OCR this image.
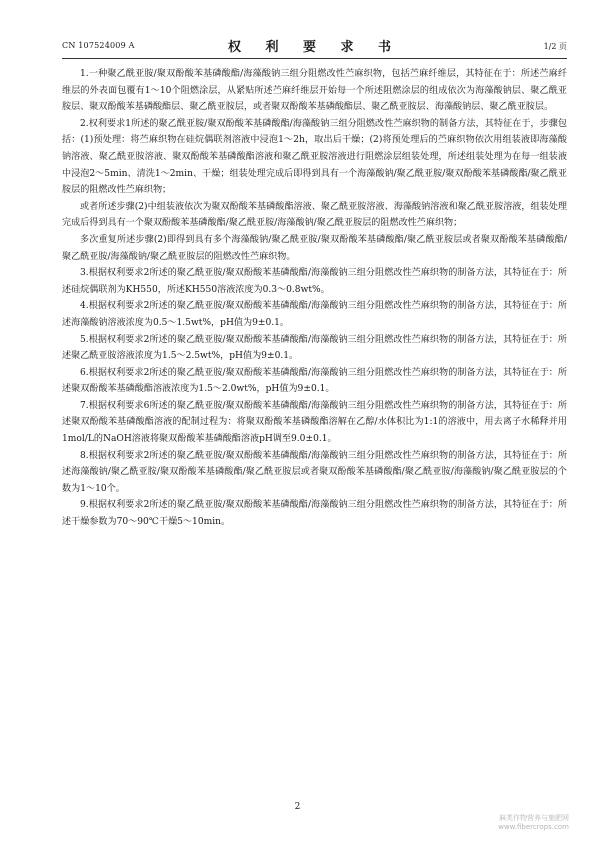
CN 107524009 A	权 利 要 求 书	1/2 页

1.一种聚乙酰亚胺/聚双酚酸苯基磷酸酯/海藻酸钠三组分阻燃改性苎麻织物，包括苎麻纤维层，其特征在于：所述苎麻纤维层的外表面包覆有1～10个阻燃涂层，从紧贴所述苎麻纤维层开始每一个所述阻燃涂层的组成依次为海藻酸钠层、聚乙酰亚胺层、聚双酚酸苯基磷酸酯层、聚乙酰亚胺层，或者聚双酚酸苯基磷酸酯层、聚乙酰亚胺层、海藻酸钠层、聚乙酰亚胺层。

2.权利要求1所述的聚乙酰亚胺/聚双酚酸苯基磷酸酯/海藻酸钠三组分阻燃改性苎麻织物的制备方法，其特征在于，步骤包括：(1)预处理：将苎麻织物在硅烷偶联剂溶液中浸泡1～2h，取出后干燥；(2)将预处理后的苎麻织物依次用组装液即海藻酸钠溶液、聚乙酰亚胺溶液、聚双酚酸苯基磷酸酯溶液和聚乙酰亚胺溶液进行阻燃涂层组装处理，所述组装处理为在每一组装液中浸泡2～5min、清洗1～2min、干燥；组装处理完成后即得到具有一个海藻酸钠/聚乙酰亚胺/聚双酚酸苯基磷酸酯/聚乙酰亚胺层的阻燃改性苎麻织物；

或者所述步骤(2)中组装液依次为聚双酚酸苯基磷酸酯溶液、聚乙酰亚胺溶液、海藻酸钠溶液和聚乙酰亚胺溶液，组装处理完成后得到具有一个聚双酚酸苯基磷酸酯/聚乙酰亚胺/海藻酸钠/聚乙酰亚胺层的阻燃改性苎麻织物；

多次重复所述步骤(2)即得到具有多个海藻酸钠/聚乙酰亚胺/聚双酚酸苯基磷酸酯/聚乙酰亚胺层或者聚双酚酸苯基磷酸酯/聚乙酰亚胺/海藻酸钠/聚乙酰亚胺层的阻燃改性苎麻织物。

3.根据权利要求2所述的聚乙酰亚胺/聚双酚酸苯基磷酸酯/海藻酸钠三组分阻燃改性苎麻织物的制备方法，其特征在于：所述硅烷偶联剂为KH550，所述KH550溶液浓度为0.3～0.8wt%。

4.根据权利要求2所述的聚乙酰亚胺/聚双酚酸苯基磷酸酯/海藻酸钠三组分阻燃改性苎麻织物的制备方法，其特征在于：所述海藻酸钠溶液浓度为0.5～1.5wt%，pH值为9±0.1。

5.根据权利要求2所述的聚乙酰亚胺/聚双酚酸苯基磷酸酯/海藻酸钠三组分阻燃改性苎麻织物的制备方法，其特征在于：所述聚乙酰亚胺溶液浓度为1.5～2.5wt%，pH值为9±0.1。

6.根据权利要求2所述的聚乙酰亚胺/聚双酚酸苯基磷酸酯/海藻酸钠三组分阻燃改性苎麻织物的制备方法，其特征在于：所述聚双酚酸苯基磷酸酯溶液浓度为1.5～2.0wt%，pH值为9±0.1。

7.根据权利要求6所述的聚乙酰亚胺/聚双酚酸苯基磷酸酯/海藻酸钠三组分阻燃改性苎麻织物的制备方法，其特征在于：所述聚双酚酸苯基磷酸酯溶液的配制过程为：将聚双酚酸苯基磷酸酯溶解在乙醇/水体积比为1:1的溶液中，用去离子水稀释并用1mol/L的NaOH溶液将聚双酚酸苯基磷酸酯溶液pH调至9.0±0.1。

8.根据权利要求2所述的聚乙酰亚胺/聚双酚酸苯基磷酸酯/海藻酸钠三组分阻燃改性苎麻织物的制备方法，其特征在于：所述海藻酸钠/聚乙酰亚胺/聚双酚酸苯基磷酸酯/聚乙酰亚胺层或者聚双酚酸苯基磷酸酯/聚乙酰亚胺/海藻酸钠/聚乙酰亚胺层的个数为1～10个。

9.根据权利要求2所述的聚乙酰亚胺/聚双酚酸苯基磷酸酯/海藻酸钠三组分阻燃改性苎麻织物的制备方法，其特征在于：所述干燥参数为70～90℃干燥5～10min。

2
麻类作物营养与施肥网
www.fibercrops.com
